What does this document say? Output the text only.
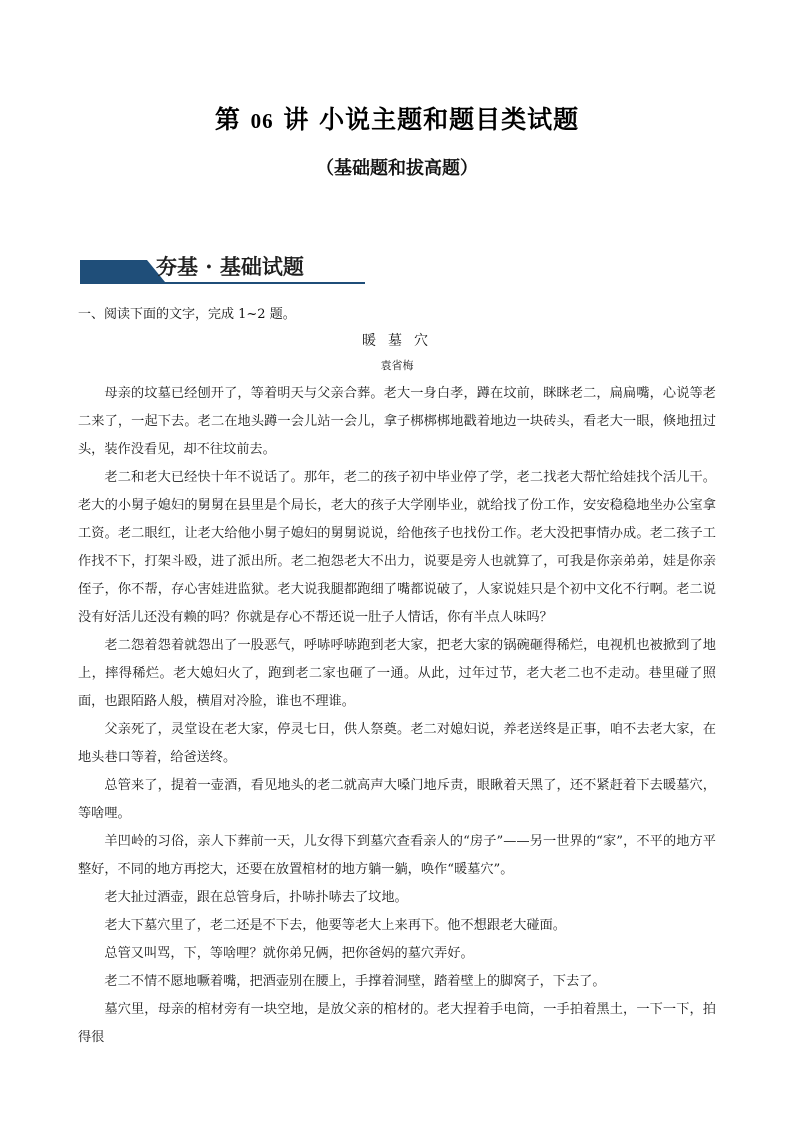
第 06 讲 小说主题和题目类试题
（基础题和拔高题）
夯基 · 基础试题
一、阅读下面的文字，完成 1~2 题。
暖墓穴
袁省梅

母亲的坟墓已经刨开了，等着明天与父亲合葬。老大一身白孝，蹲在坟前，眯眯老二，扁扁嘴，心说等老二来了，一起下去。老二在地头蹲一会儿站一会儿，拿子梆梆梆地戳着地边一块砖头，看老大一眼，倏地扭过头，装作没看见，却不往坟前去。

老二和老大已经快十年不说话了。那年，老二的孩子初中毕业停了学，老二找老大帮忙给娃找个活儿干。老大的小舅子媳妇的舅舅在县里是个局长，老大的孩子大学刚毕业，就给找了份工作，安安稳稳地坐办公室拿工资。老二眼红，让老大给他小舅子媳妇的舅舅说说，给他孩子也找份工作。老大没把事情办成。老二孩子工作找不下，打架斗殴，进了派出所。老二抱怨老大不出力，说要是旁人也就算了，可我是你亲弟弟，娃是你亲侄子，你不帮，存心害娃进监狱。老大说我腿都跑细了嘴都说破了，人家说娃只是个初中文化不行啊。老二说没有好活儿还没有赖的吗？你就是存心不帮还说一肚子人情话，你有半点人味吗？

老二怨着怨着就怨出了一股恶气，呼哧呼哧跑到老大家，把老大家的锅碗砸得稀烂，电视机也被掀到了地上，摔得稀烂。老大媳妇火了，跑到老二家也砸了一通。从此，过年过节，老大老二也不走动。巷里碰了照面，也跟陌路人般，横眉对冷脸，谁也不理谁。

父亲死了，灵堂设在老大家，停灵七日，供人祭奠。老二对媳妇说，养老送终是正事，咱不去老大家，在地头巷口等着，给爸送终。

总管来了，提着一壶酒，看见地头的老二就高声大嗓门地斥责，眼瞅着天黑了，还不紧赶着下去暖墓穴，等啥哩。

羊凹岭的习俗，亲人下葬前一天，儿女得下到墓穴查看亲人的“房子”——另一世界的“家”，不平的地方平整好，不同的地方再挖大，还要在放置棺材的地方躺一躺，唤作“暖墓穴”。

老大扯过酒壶，跟在总管身后，扑哧扑哧去了坟地。

老大下墓穴里了，老二还是不下去，他要等老大上来再下。他不想跟老大碰面。

总管又叫骂，下，等啥哩？就你弟兄俩，把你爸妈的墓穴弄好。

老二不情不愿地噘着嘴，把酒壶别在腰上，手撑着洞壁，踏着壁上的脚窝子，下去了。

墓穴里，母亲的棺材旁有一块空地，是放父亲的棺材的。老大捏着手电筒，一手拍着黑土，一下一下，拍得很
